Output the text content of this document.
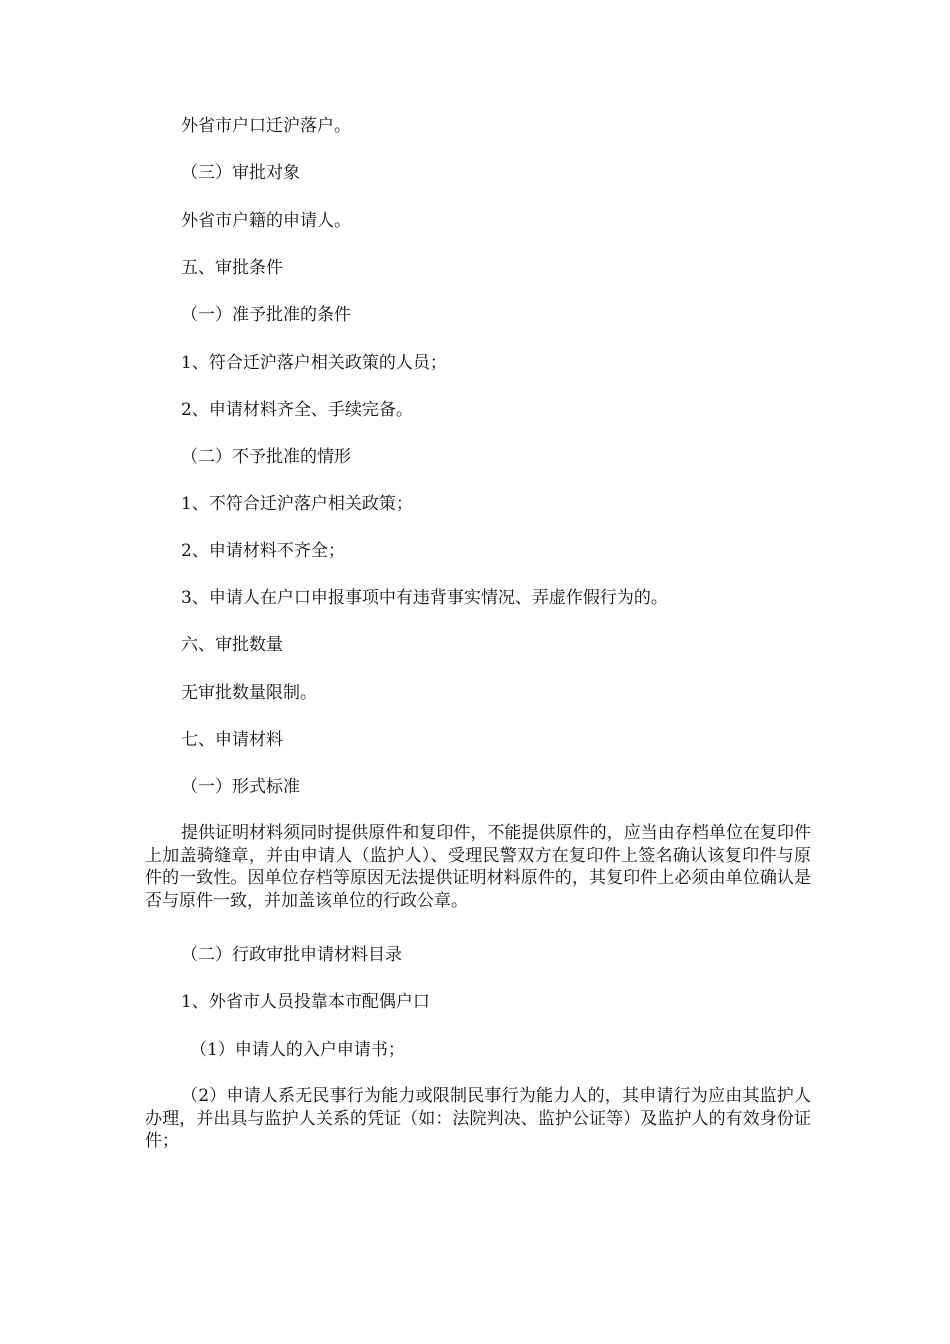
外省市户口迁沪落户。
（三）审批对象
外省市户籍的申请人。
五、审批条件
（一）准予批准的条件
1、符合迁沪落户相关政策的人员；
2、申请材料齐全、手续完备。
（二）不予批准的情形
1、不符合迁沪落户相关政策；
2、申请材料不齐全；
3、申请人在户口申报事项中有违背事实情况、弄虚作假行为的。
六、审批数量
无审批数量限制。
七、申请材料
（一）形式标准
提供证明材料须同时提供原件和复印件，不能提供原件的，应当由存档单位在复印件上加盖骑缝章，并由申请人（监护人）、受理民警双方在复印件上签名确认该复印件与原件的一致性。因单位存档等原因无法提供证明材料原件的，其复印件上必须由单位确认是否与原件一致，并加盖该单位的行政公章。
（二）行政审批申请材料目录
1、外省市人员投靠本市配偶户口
（1）申请人的入户申请书；
（2）申请人系无民事行为能力或限制民事行为能力人的，其申请行为应由其监护人办理，并出具与监护人关系的凭证（如：法院判决、监护公证等）及监护人的有效身份证件；
